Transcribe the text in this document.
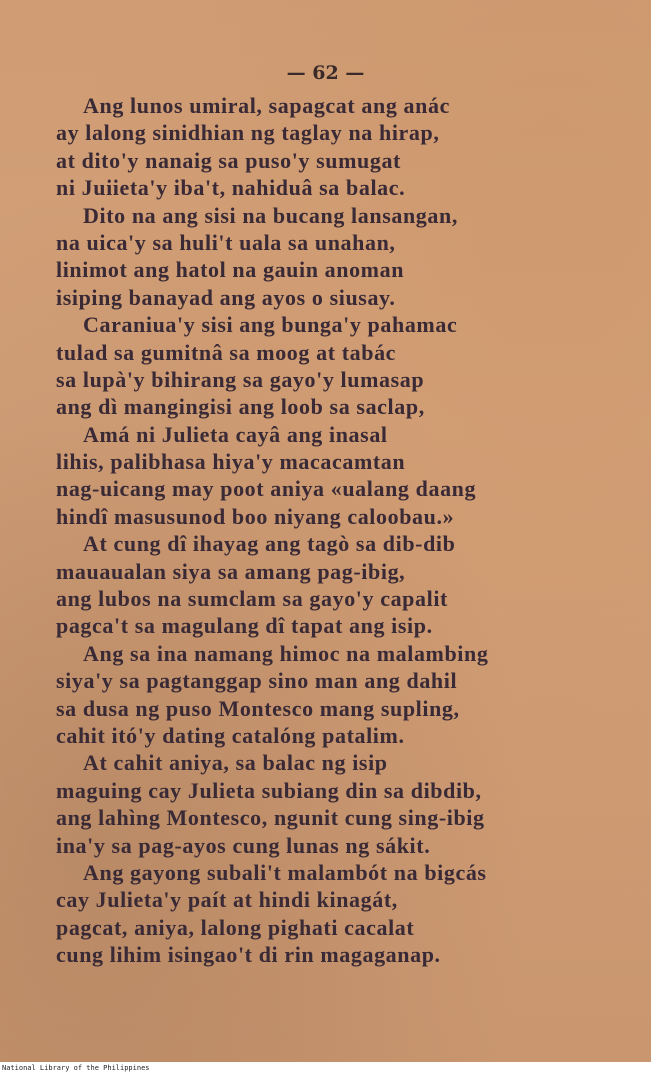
— 62 —
Ang lunos umiral, sapagcat ang anác
ay lalong sinidhian ng taglay na hirap,
at dito'y nanaig sa puso'y sumugat
ni Juiieta'y iba't, nahiduâ sa balac.
Dito na ang sisi na bucang lansangan,
na uica'y sa huli't uala sa unahan,
linimot ang hatol na gauin anoman
isiping banayad ang ayos o siusay.
Caraniua'y sisi ang bunga'y pahamac
tulad sa gumitnâ sa moog at tabác
sa lupà'y bihirang sa gayo'y lumasap
ang dì mangingisi ang loob sa saclap,
Amá ni Julieta cayâ ang inasal
lihis, palibhasa hiya'y macacamtan
nag-uicang may poot aniya «ualang daang
hindî masusunod boo niyang caloobau.»
At cung dî ihayag ang tagò sa dib-dib
mauaualan siya sa amang pag-ibig,
ang lubos na sumclam sa gayo'y capalit
pagca't sa magulang dî tapat ang isip.
Ang sa ina namang himoc na malambing
siya'y sa pagtanggap sino man ang dahil
sa dusa ng puso Montesco mang supling,
cahit itó'y dating catalóng patalim.
At cahit aniya, sa balac ng isip
maguing cay Julieta subiang din sa dibdib,
ang lahìng Montesco, ngunit cung sing-ibig
ina'y sa pag-ayos cung lunas ng sákit.
Ang gayong subali't malambót na bigcás
cay Julieta'y paít at hindi kinagát,
pagcat, aniya, lalong pighati cacalat
cung lihim isingao't di rin magaganap.
National Library of the Philippines
